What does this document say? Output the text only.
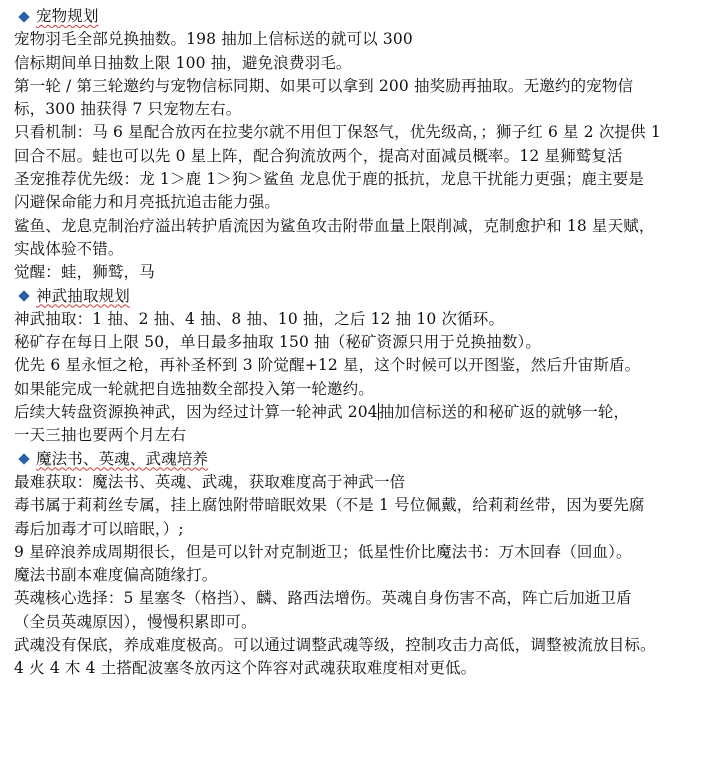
宠物规划
宠物羽毛全部兑换抽数。198 抽加上信标送的就可以 300
信标期间单日抽数上限 100 抽，避免浪费羽毛。
第一轮 / 第三轮邀约与宠物信标同期、如果可以拿到 200 抽奖励再抽取。无邀约的宠物信
标，300 抽获得 7 只宠物左右。
只看机制：马 6 星配合放丙在拉斐尔就不用但丁保怒气，优先级高，；狮子红 6 星 2 次提供 1
回合不屈。蛙也可以先 0 星上阵，配合狗流放两个，提高对面减员概率。12 星狮鹫复活
圣宠推荐优先级：龙 1＞鹿 1＞狗＞鲨鱼 龙息优于鹿的抵抗，龙息干扰能力更强；鹿主要是
闪避保命能力和月亮抵抗追击能力强。
鲨鱼、龙息克制治疗溢出转护盾流因为鲨鱼攻击附带血量上限削减，克制愈护和 18 星天赋，
实战体验不错。
觉醒：蛙，狮鹫，马
神武抽取规划
神武抽取：1 抽、2 抽、4 抽、8 抽、10 抽，之后 12 抽 10 次循环。
秘矿存在每日上限 50，单日最多抽取 150 抽（秘矿资源只用于兑换抽数）。
优先 6 星永恒之枪，再补圣杯到 3 阶觉醒+12 星，这个时候可以开图鉴，然后升宙斯盾。
如果能完成一轮就把自选抽数全部投入第一轮邀约。
后续大转盘资源换神武，因为经过计算一轮神武 204抽加信标送的和秘矿返的就够一轮，
一天三抽也要两个月左右
魔法书、英魂、武魂培养
最难获取：魔法书、英魂、武魂，获取难度高于神武一倍
毒书属于莉莉丝专属，挂上腐蚀附带暗眠效果（不是 1 号位佩戴，给莉莉丝带，因为要先腐
毒后加毒才可以暗眠，）;
9 星碎浪养成周期很长，但是可以针对克制逝卫；低星性价比魔法书：万木回春（回血）。
魔法书副本难度偏高随缘打。
英魂核心选择：5 星塞冬（格挡）、麟、路西法增伤。英魂自身伤害不高，阵亡后加逝卫盾
（全员英魂原因），慢慢积累即可。
武魂没有保底，养成难度极高。可以通过调整武魂等级，控制攻击力高低，调整被流放目标。
4 火 4 木 4 土搭配波塞冬放丙这个阵容对武魂获取难度相对更低。
